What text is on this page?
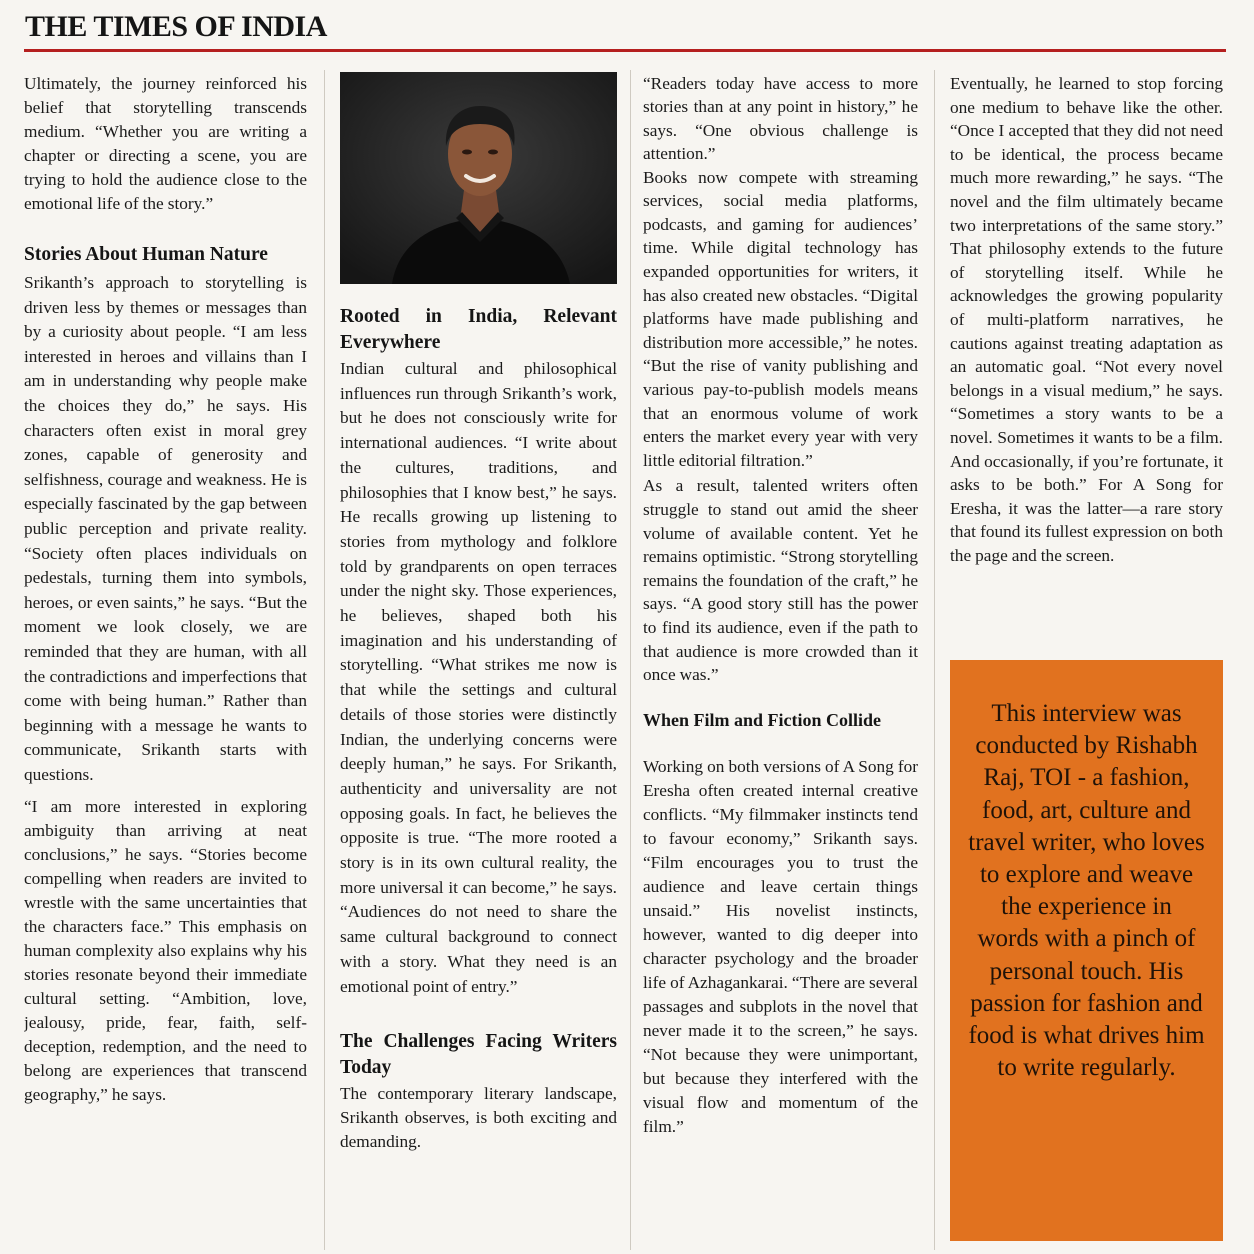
THE TIMES OF INDIA

Ultimately, the journey reinforced his belief that storytelling transcends medium. “Whether you are writing a chapter or directing a scene, you are trying to hold the audience close to the emotional life of the story.”

Stories About Human Nature

Srikanth’s approach to storytelling is driven less by themes or messages than by a curiosity about people. “I am less interested in heroes and villains than I am in understanding why people make the choices they do,” he says. His characters often exist in moral grey zones, capable of generosity and selfishness, courage and weakness. He is especially fascinated by the gap between public perception and private reality. “Society often places individuals on pedestals, turning them into symbols, heroes, or even saints,” he says. “But the moment we look closely, we are reminded that they are human, with all the contradictions and imperfections that come with being human.” Rather than beginning with a message he wants to communicate, Srikanth starts with questions.

“I am more interested in exploring ambiguity than arriving at neat conclusions,” he says. “Stories become compelling when readers are invited to wrestle with the same uncertainties that the characters face.” This emphasis on human complexity also explains why his stories resonate beyond their immediate cultural setting. “Ambition, love, jealousy, pride, fear, faith, self-deception, redemption, and the need to belong are experiences that transcend geography,” he says.

Rooted in India, Relevant Everywhere

Indian cultural and philosophical influences run through Srikanth’s work, but he does not consciously write for international audiences. “I write about the cultures, traditions, and philosophies that I know best,” he says. He recalls growing up listening to stories from mythology and folklore told by grandparents on open terraces under the night sky. Those experiences, he believes, shaped both his imagination and his understanding of storytelling. “What strikes me now is that while the settings and cultural details of those stories were distinctly Indian, the underlying concerns were deeply human,” he says. For Srikanth, authenticity and universality are not opposing goals. In fact, he believes the opposite is true. “The more rooted a story is in its own cultural reality, the more universal it can become,” he says. “Audiences do not need to share the same cultural background to connect with a story. What they need is an emotional point of entry.”

The Challenges Facing Writers Today

The contemporary literary landscape, Srikanth observes, is both exciting and demanding.

“Readers today have access to more stories than at any point in history,” he says. “One obvious challenge is attention.”

Books now compete with streaming services, social media platforms, podcasts, and gaming for audiences’ time. While digital technology has expanded opportunities for writers, it has also created new obstacles. “Digital platforms have made publishing and distribution more accessible,” he notes. “But the rise of vanity publishing and various pay-to-publish models means that an enormous volume of work enters the market every year with very little editorial filtration.”

As a result, talented writers often struggle to stand out amid the sheer volume of available content. Yet he remains optimistic. “Strong storytelling remains the foundation of the craft,” he says. “A good story still has the power to find its audience, even if the path to that audience is more crowded than it once was.”

When Film and Fiction Collide

Working on both versions of A Song for Eresha often created internal creative conflicts. “My filmmaker instincts tend to favour economy,” Srikanth says. “Film encourages you to trust the audience and leave certain things unsaid.” His novelist instincts, however, wanted to dig deeper into character psychology and the broader life of Azhagankarai. “There are several passages and subplots in the novel that never made it to the screen,” he says. “Not because they were unimportant, but because they interfered with the visual flow and momentum of the film.”

Eventually, he learned to stop forcing one medium to behave like the other. “Once I accepted that they did not need to be identical, the process became much more rewarding,” he says. “The novel and the film ultimately became two interpretations of the same story.” That philosophy extends to the future of storytelling itself. While he acknowledges the growing popularity of multi-platform narratives, he cautions against treating adaptation as an automatic goal. “Not every novel belongs in a visual medium,” he says. “Sometimes a story wants to be a novel. Sometimes it wants to be a film. And occasionally, if you’re fortunate, it asks to be both.” For A Song for Eresha, it was the latter—a rare story that found its fullest expression on both the page and the screen.

This interview was conducted by Rishabh Raj, TOI - a fashion, food, art, culture and travel writer, who loves to explore and weave the experience in words with a pinch of personal touch. His passion for fashion and food is what drives him to write regularly.
